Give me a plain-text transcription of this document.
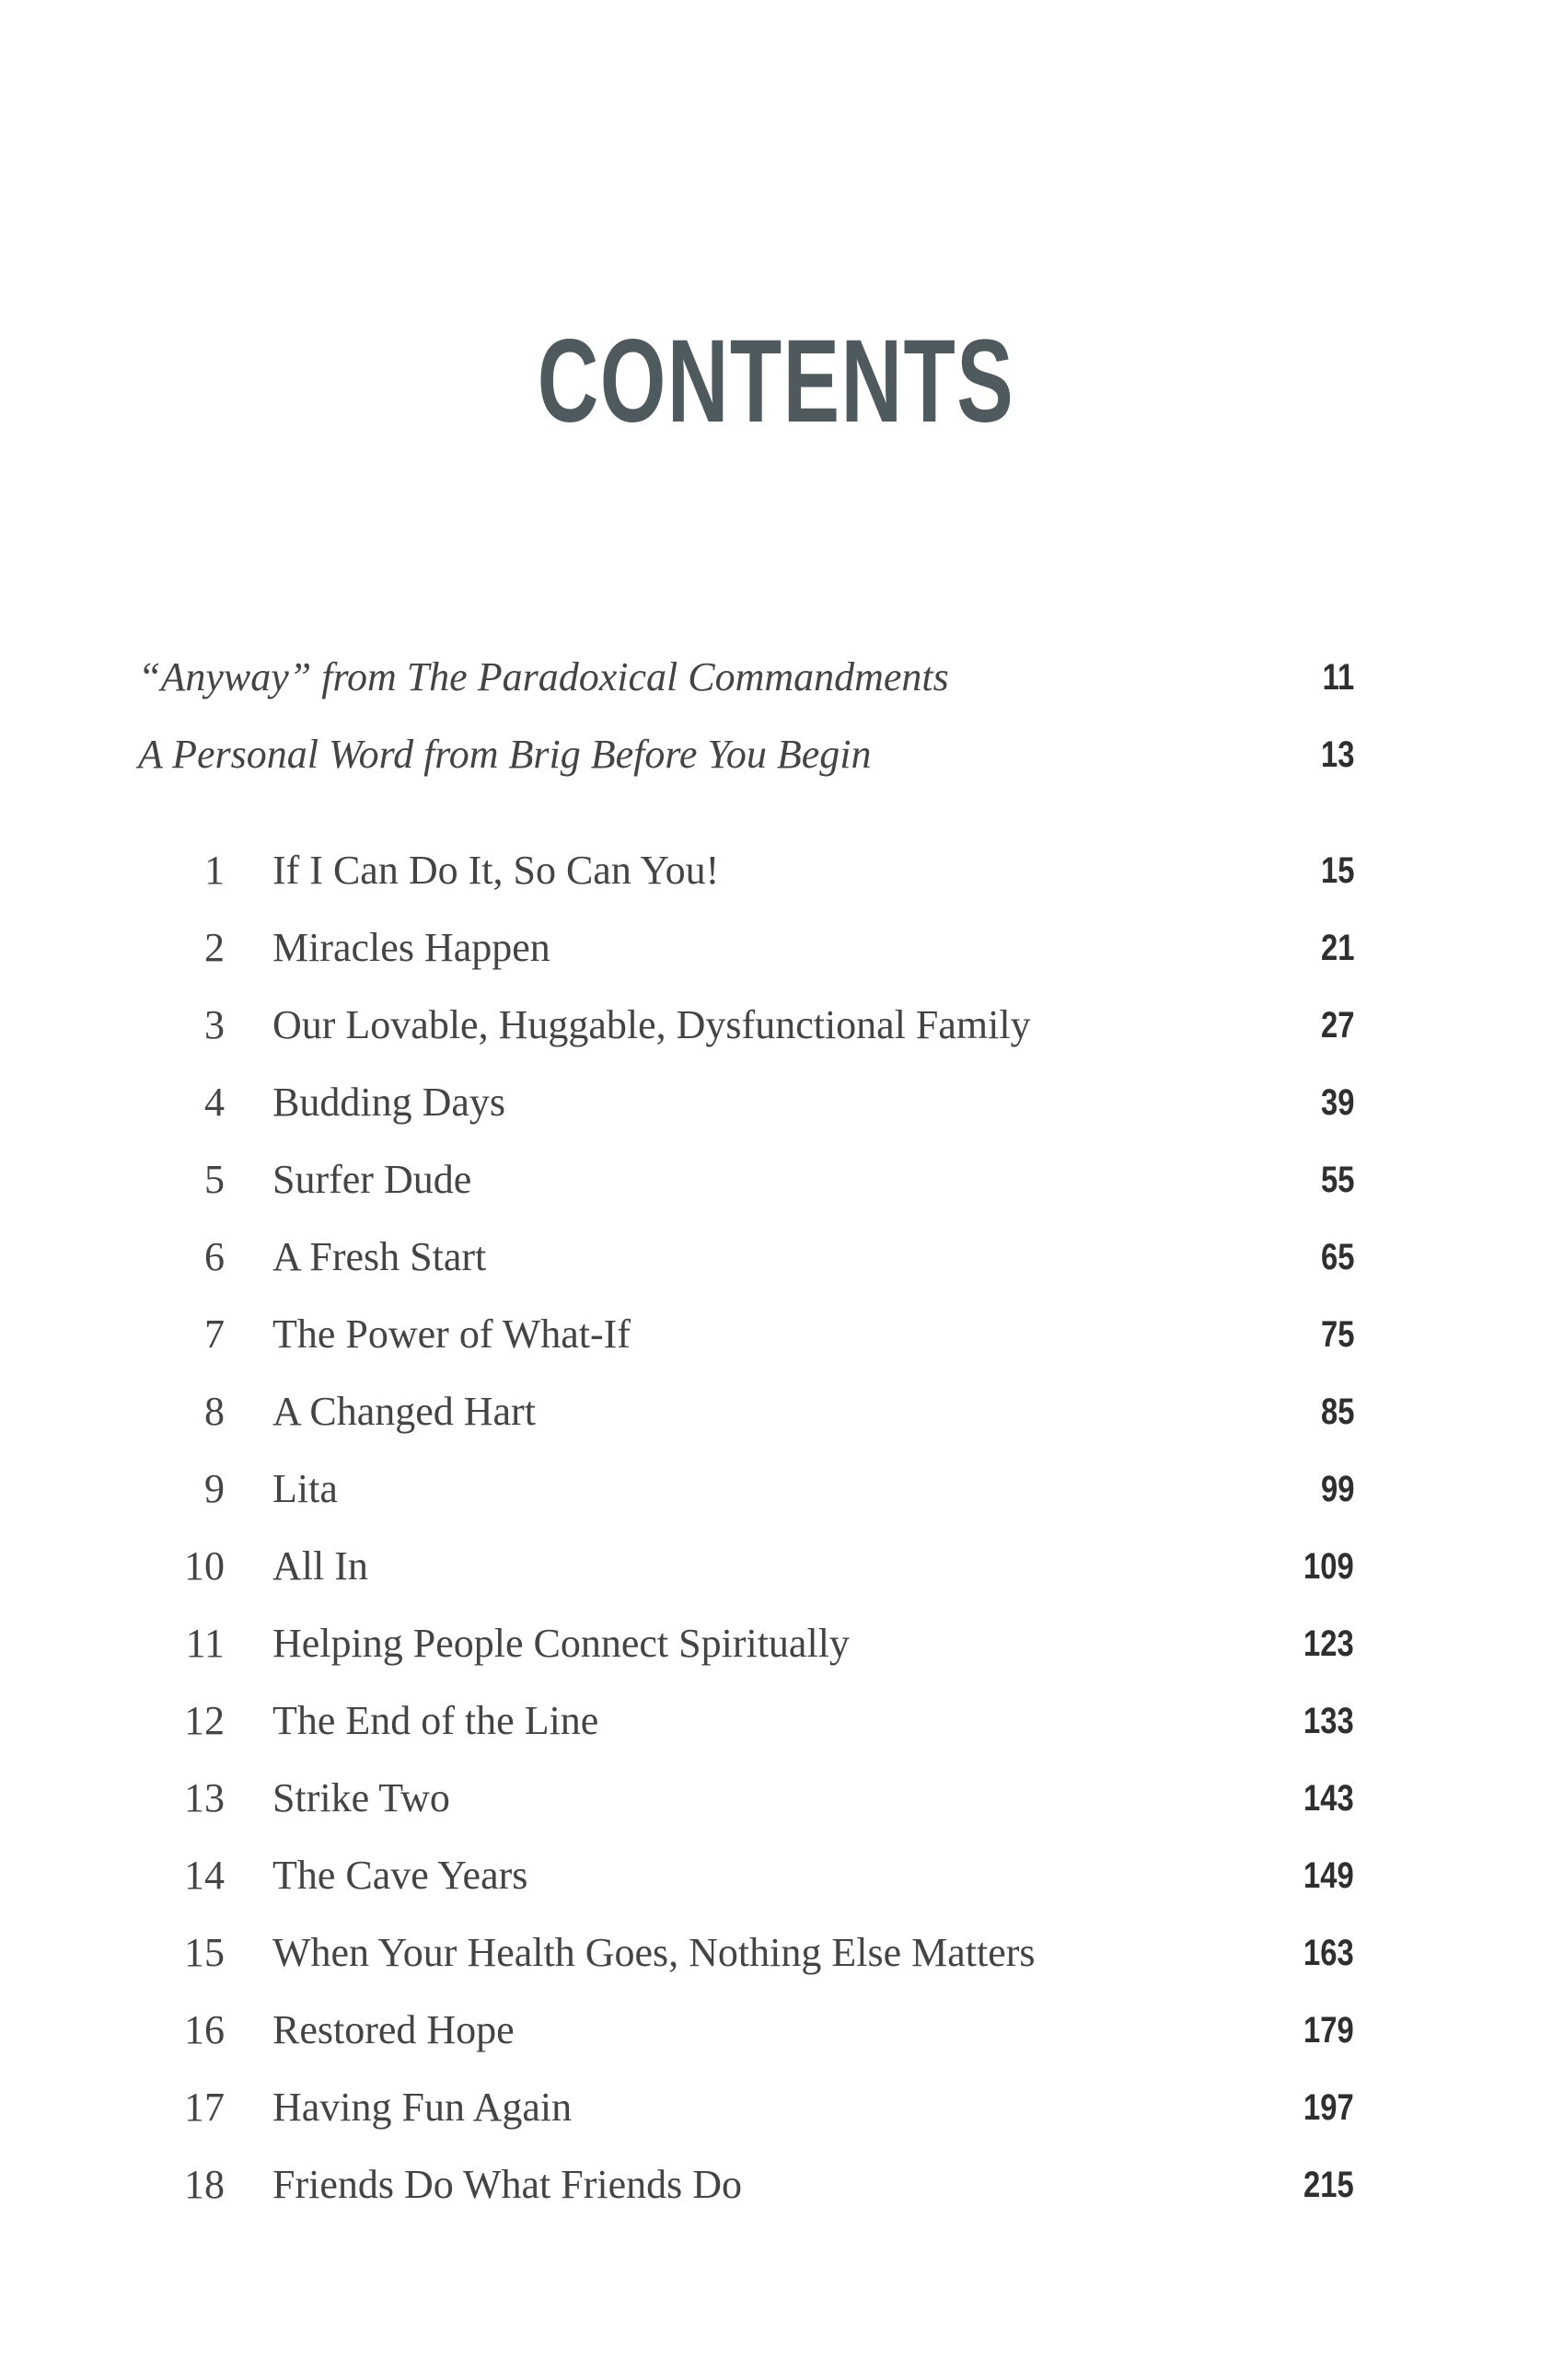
CONTENTS
“Anyway” from The Paradoxical Commandments	11
A Personal Word from Brig Before You Begin	13
1 If I Can Do It, So Can You!	15
2 Miracles Happen	21
3 Our Lovable, Huggable, Dysfunctional Family	27
4 Budding Days	39
5 Surfer Dude	55
6 A Fresh Start	65
7 The Power of What-If	75
8 A Changed Hart	85
9 Lita	99
10 All In	109
11 Helping People Connect Spiritually	123
12 The End of the Line	133
13 Strike Two	143
14 The Cave Years	149
15 When Your Health Goes, Nothing Else Matters	163
16 Restored Hope	179
17 Having Fun Again	197
18 Friends Do What Friends Do	215
